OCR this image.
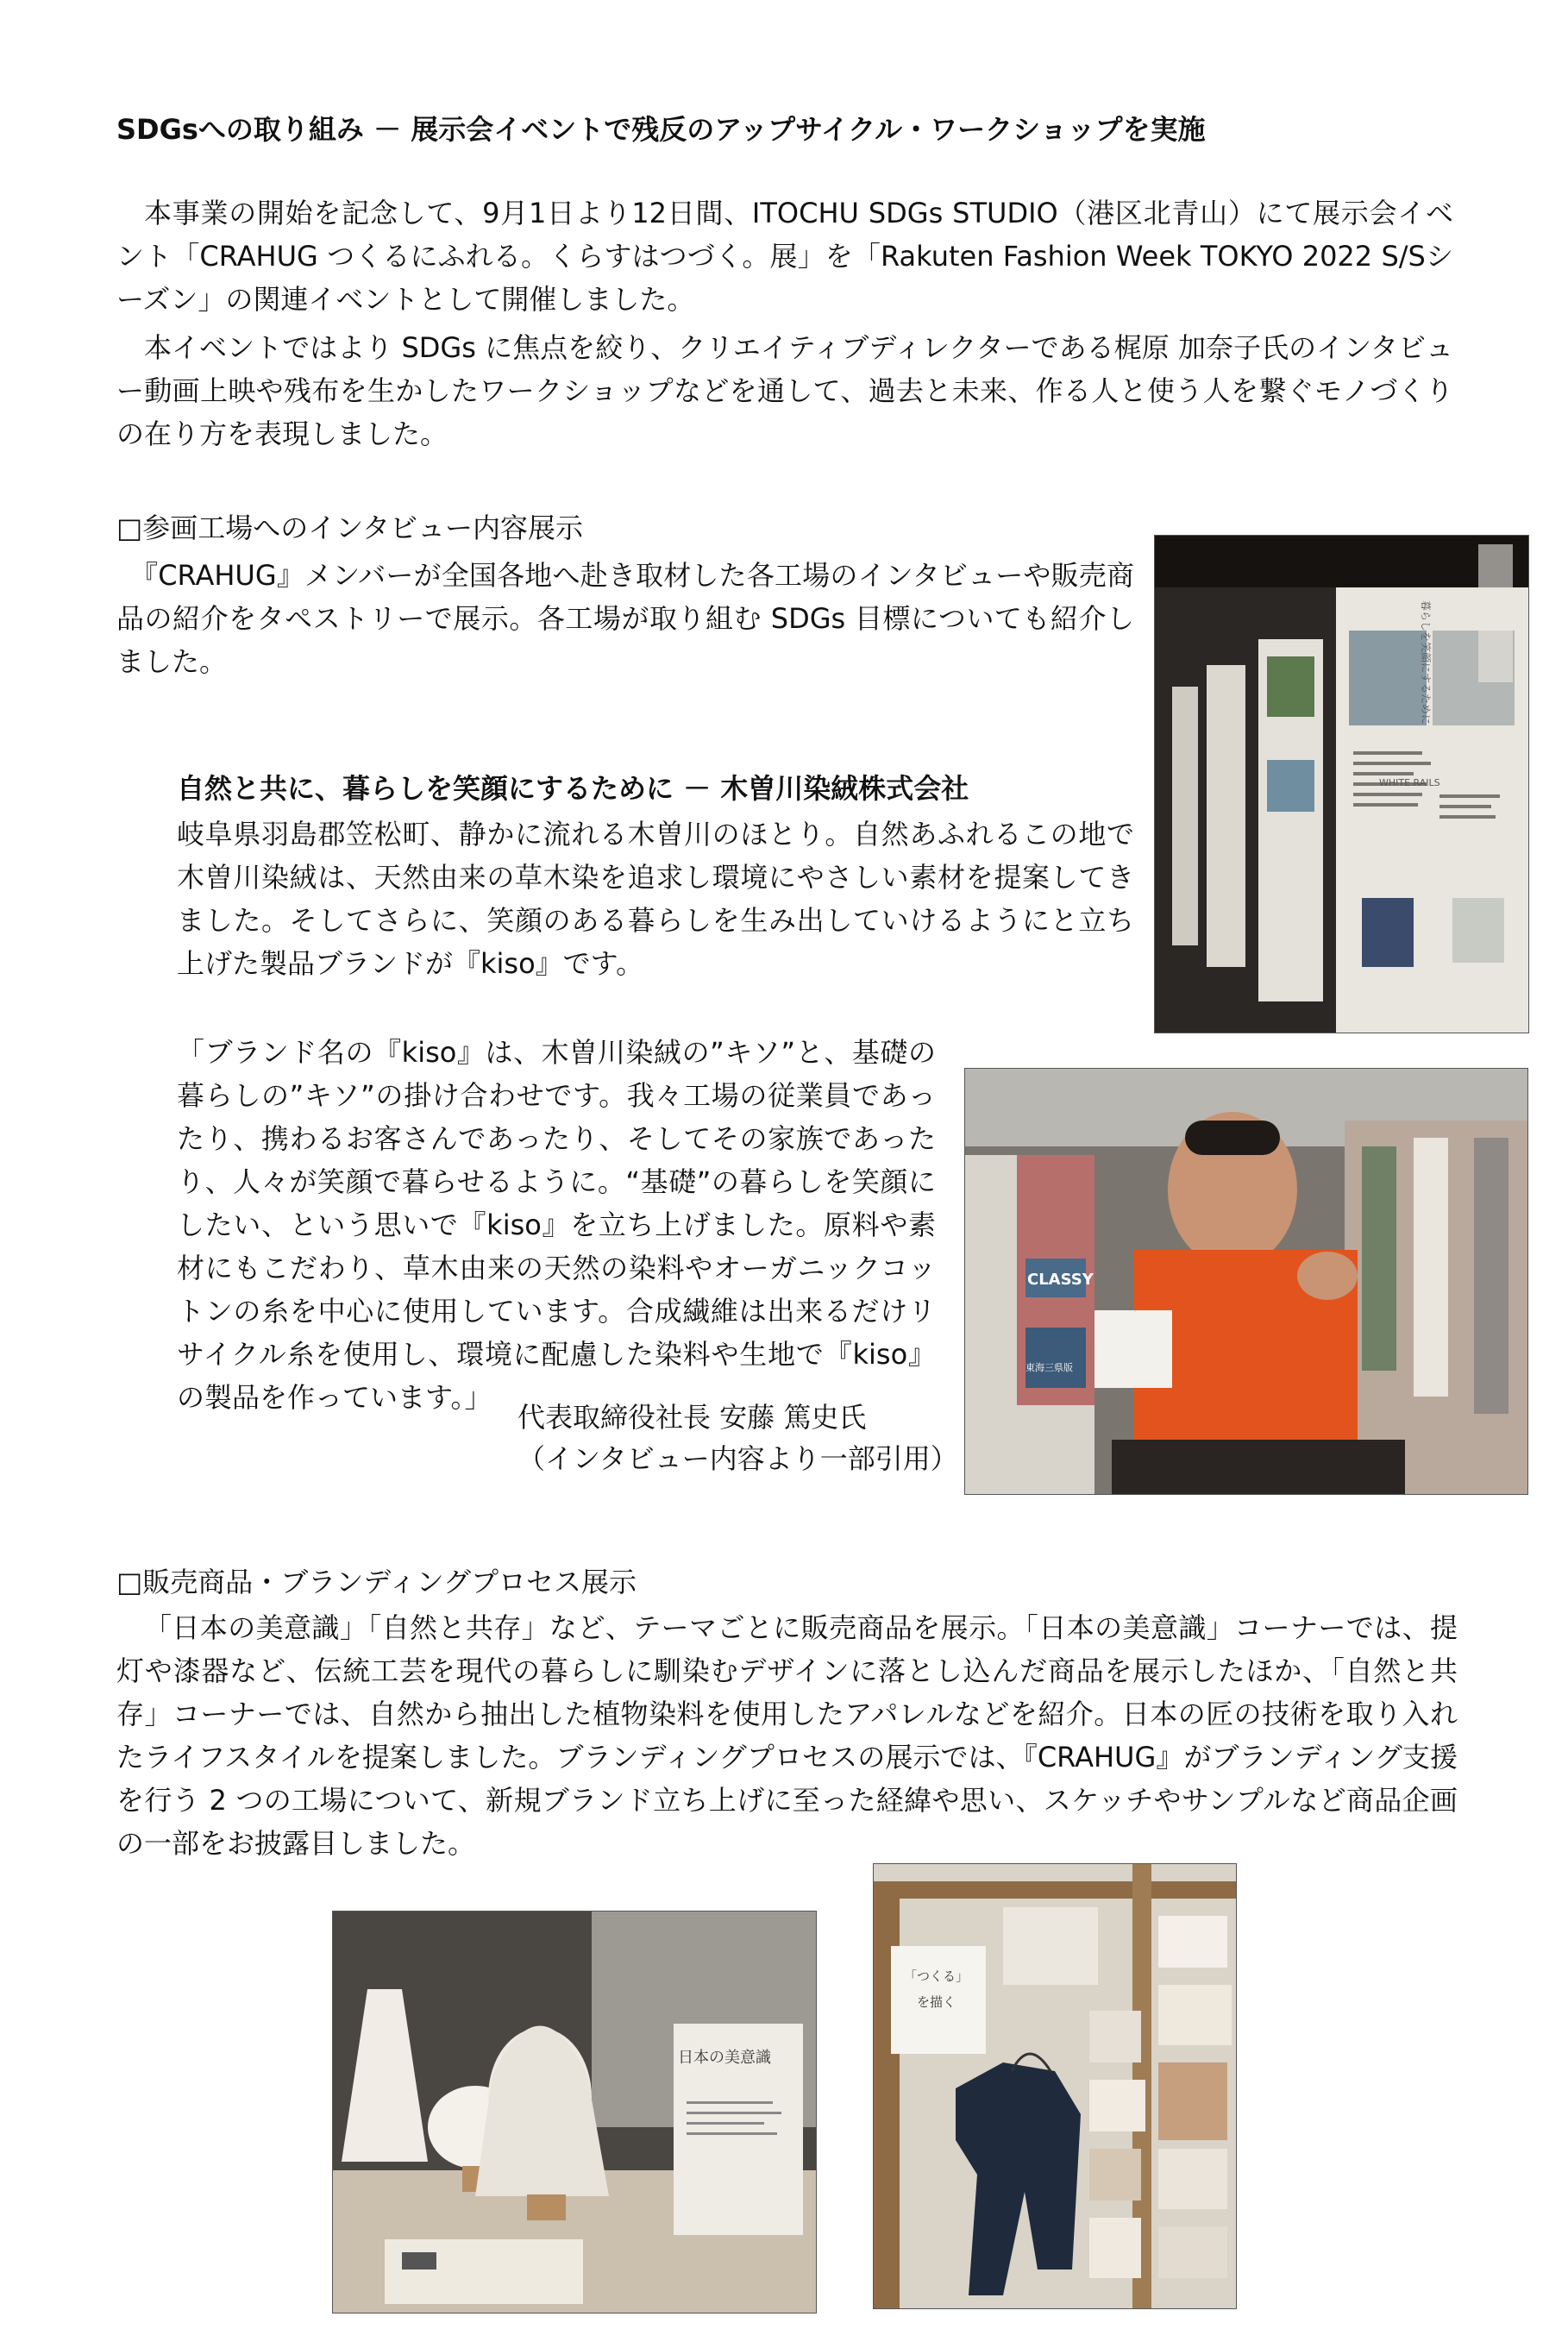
SDGsへの取り組み － 展示会イベントで残反のアップサイクル・ワークショップを実施
本事業の開始を記念して、9月1日より12日間、ITOCHU SDGs STUDIO（港区北青山）にて展示会イベント「CRAHUG つくるにふれる。くらすはつづく。展」を「Rakuten Fashion Week TOKYO 2022 S/Sシーズン」の関連イベントとして開催しました。
本イベントではより SDGs に焦点を絞り、クリエイティブディレクターである梶原 加奈子氏のインタビュー動画上映や残布を生かしたワークショップなどを通して、過去と未来、作る人と使う人を繋ぐモノづくりの在り方を表現しました。
□参画工場へのインタビュー内容展示
『CRAHUG』メンバーが全国各地へ赴き取材した各工場のインタビューや販売商品の紹介をタペストリーで展示。各工場が取り組む SDGs 目標についても紹介しました。
自然と共に、暮らしを笑顔にするために － 木曽川染絨株式会社
岐阜県羽島郡笠松町、静かに流れる木曽川のほとり。自然あふれるこの地で木曽川染絨は、天然由来の草木染を追求し環境にやさしい素材を提案してきました。そしてさらに、笑顔のある暮らしを生み出していけるようにと立ち上げた製品ブランドが『kiso』です。
「ブランド名の『kiso』は、木曽川染絨の”キソ”と、基礎の暮らしの”キソ”の掛け合わせです。我々工場の従業員であったり、携わるお客さんであったり、そしてその家族であったり、人々が笑顔で暮らせるように。“基礎”の暮らしを笑顔にしたい、という思いで『kiso』を立ち上げました。原料や素材にもこだわり、草木由来の天然の染料やオーガニックコットンの糸を中心に使用しています。合成繊維は出来るだけリサイクル糸を使用し、環境に配慮した染料や生地で『kiso』の製品を作っています。」
代表取締役社長 安藤 篤史氏
（インタビュー内容より一部引用）
□販売商品・ブランディングプロセス展示
「日本の美意識」「自然と共存」など、テーマごとに販売商品を展示。「日本の美意識」コーナーでは、提灯や漆器など、伝統工芸を現代の暮らしに馴染むデザインに落とし込んだ商品を展示したほか、「自然と共存」コーナーでは、自然から抽出した植物染料を使用したアパレルなどを紹介。日本の匠の技術を取り入れたライフスタイルを提案しました。ブランディングプロセスの展示では、『CRAHUG』がブランディング支援を行う 2 つの工場について、新規ブランド立ち上げに至った経緯や思い、スケッチやサンプルなど商品企画の一部をお披露目しました。
WHITE RAILS
暮らしを笑顔にするために
CLASSY
東海三県版
日本の美意識
「つくる」
を描く
